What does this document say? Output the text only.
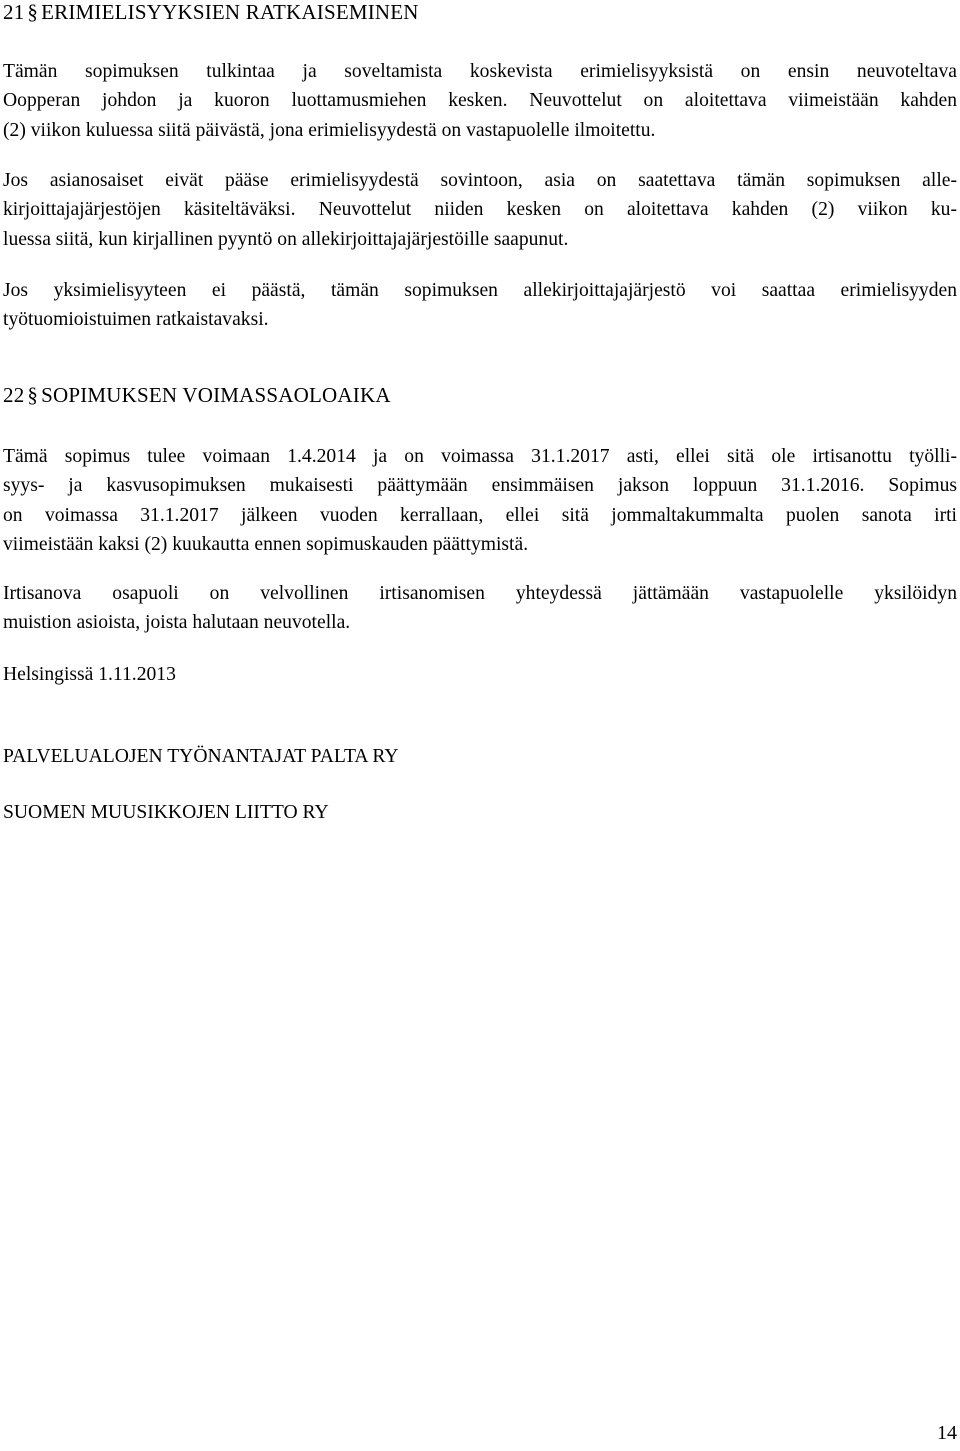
21 § ERIMIELISYYKSIEN RATKAISEMINEN
Tämän sopimuksen tulkintaa ja soveltamista koskevista erimielisyyksistä on ensin neuvoteltava
Oopperan johdon ja kuoron luottamusmiehen kesken. Neuvottelut on aloitettava viimeistään kahden
(2) viikon kuluessa siitä päivästä, jona erimielisyydestä on vastapuolelle ilmoitettu.
Jos asianosaiset eivät pääse erimielisyydestä sovintoon, asia on saatettava tämän sopimuksen alle-
kirjoittajajärjestöjen käsiteltäväksi. Neuvottelut niiden kesken on aloitettava kahden (2) viikon ku-
luessa siitä, kun kirjallinen pyyntö on allekirjoittajajärjestöille saapunut.
Jos yksimielisyyteen ei päästä, tämän sopimuksen allekirjoittajajärjestö voi saattaa erimielisyyden
työtuomioistuimen ratkaistavaksi.
22 § SOPIMUKSEN VOIMASSAOLOAIKA
Tämä sopimus tulee voimaan 1.4.2014 ja on voimassa 31.1.2017 asti, ellei sitä ole irtisanottu työlli-
syys- ja kasvusopimuksen mukaisesti päättymään ensimmäisen jakson loppuun 31.1.2016. Sopimus
on voimassa 31.1.2017 jälkeen vuoden kerrallaan, ellei sitä jommaltakummalta puolen sanota irti
viimeistään kaksi (2) kuukautta ennen sopimuskauden päättymistä.
Irtisanova osapuoli on velvollinen irtisanomisen yhteydessä jättämään vastapuolelle yksilöidyn
muistion asioista, joista halutaan neuvotella.
Helsingissä 1.11.2013
PALVELUALOJEN TYÖNANTAJAT PALTA RY
SUOMEN MUUSIKKOJEN LIITTO RY
14
